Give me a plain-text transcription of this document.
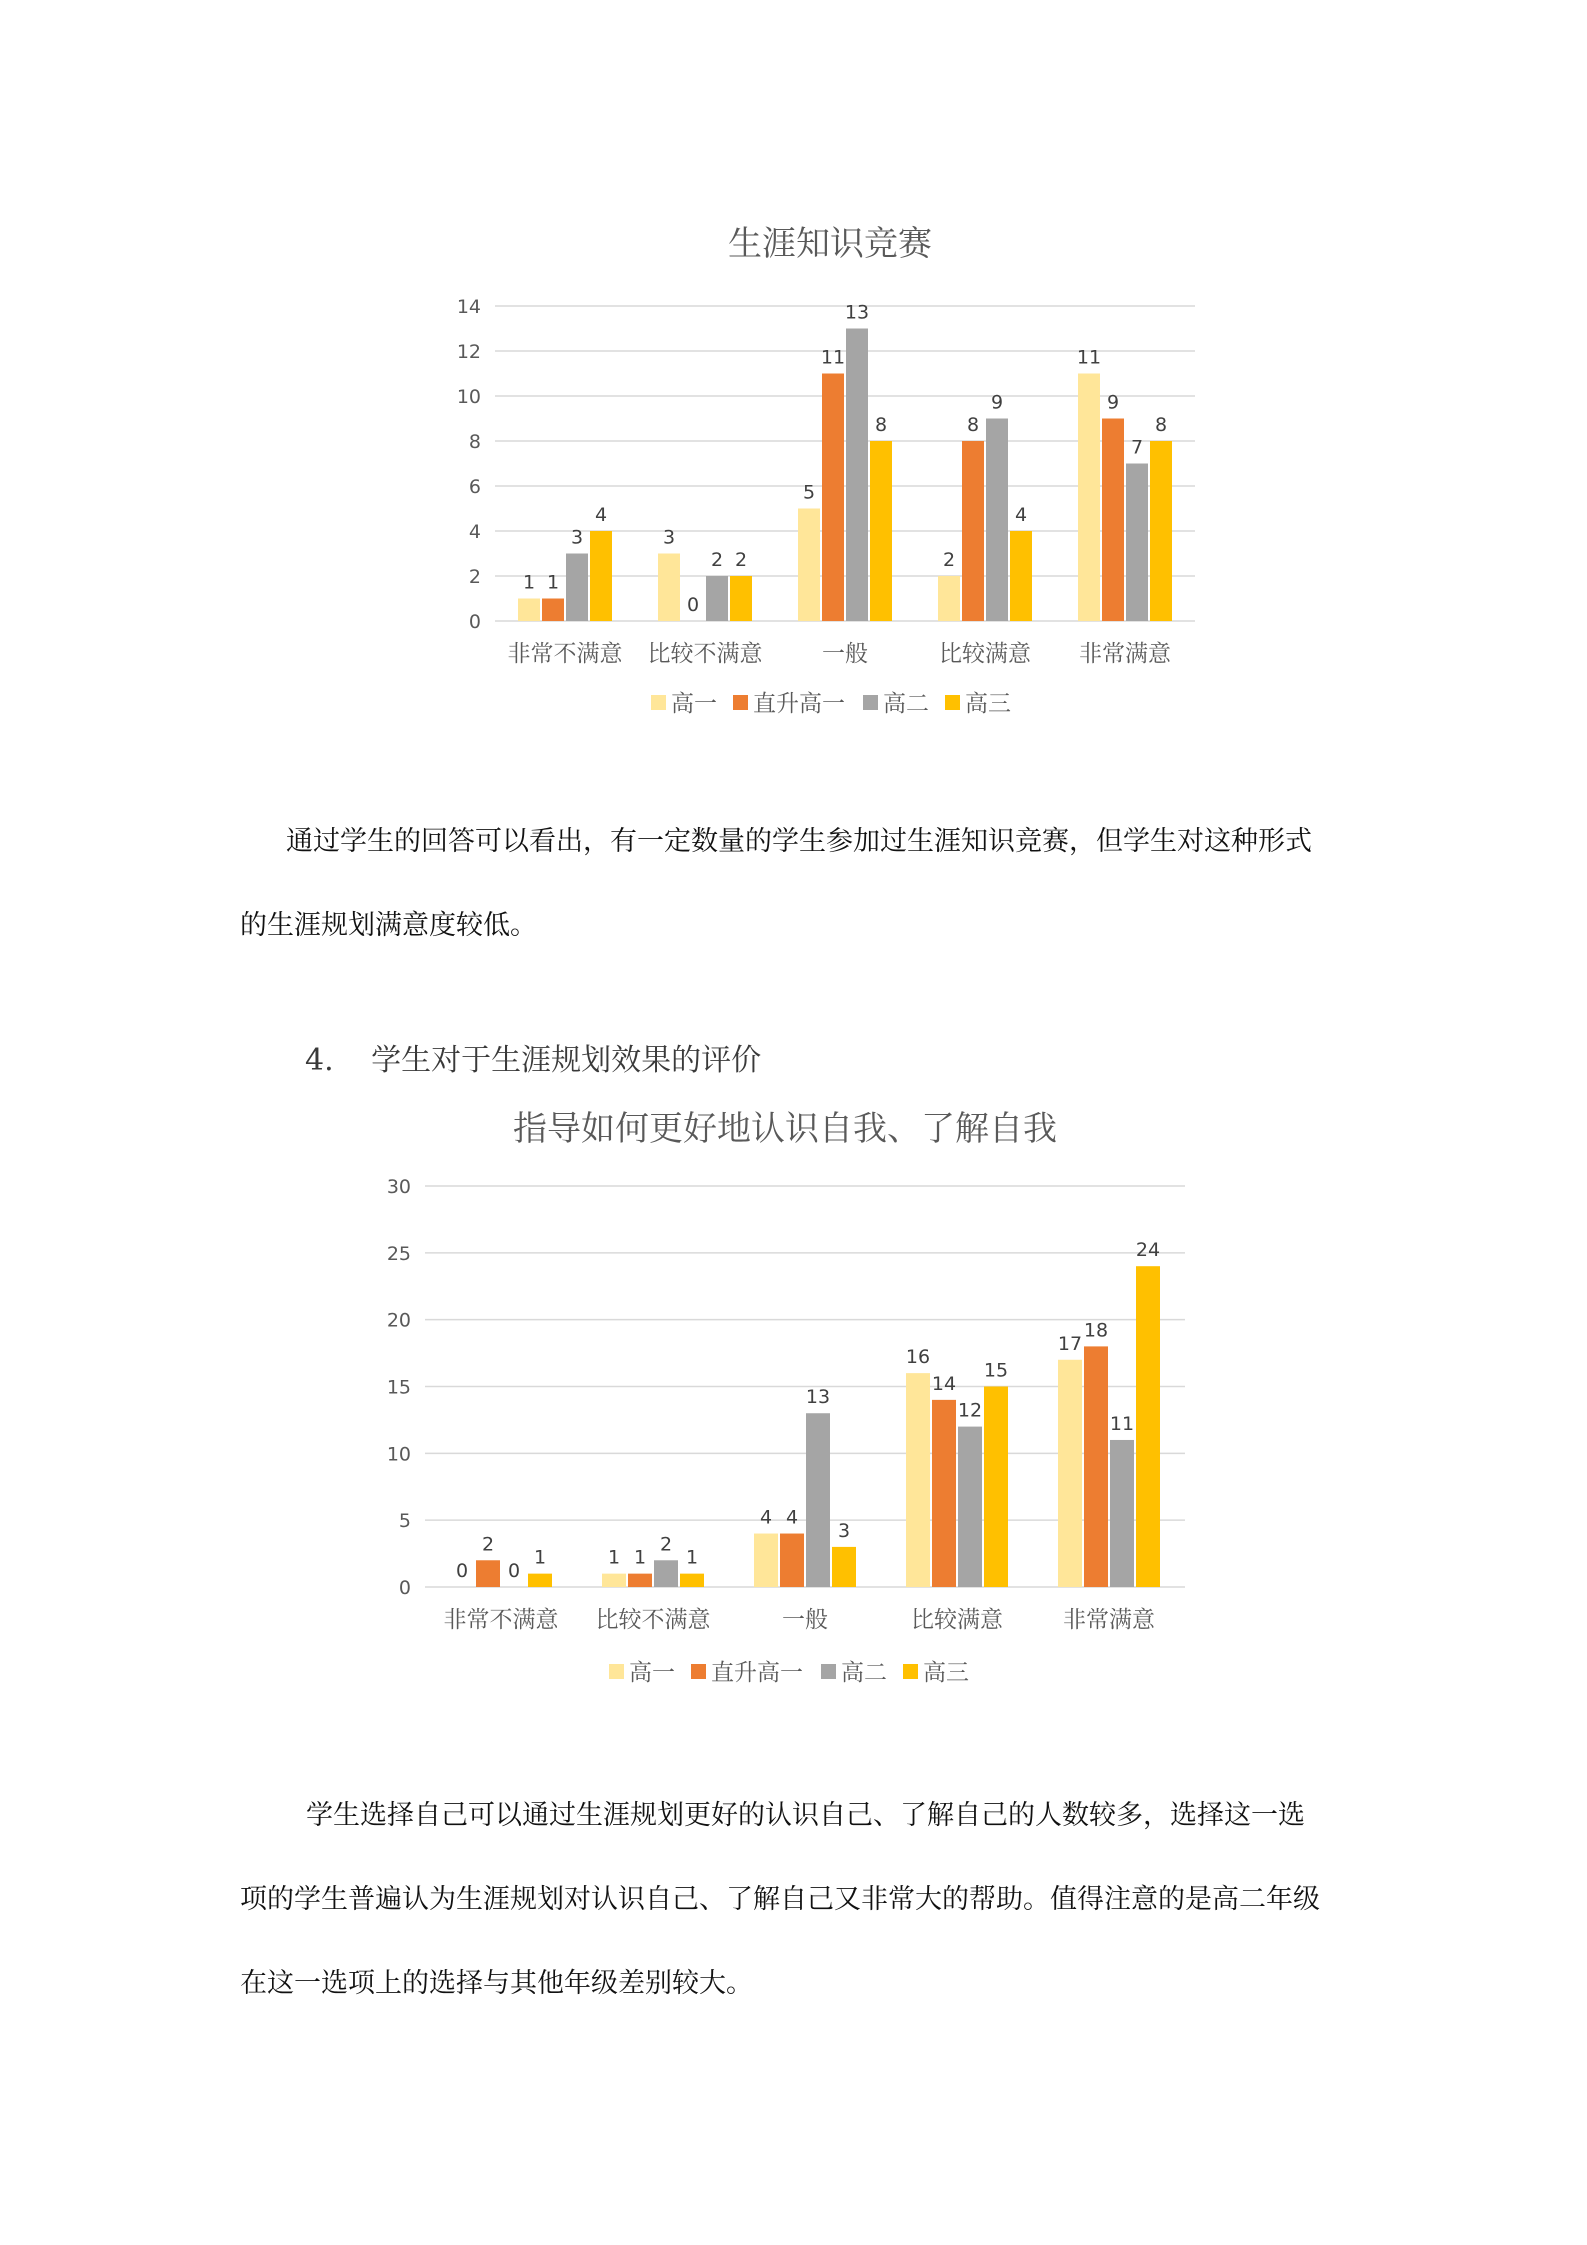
生涯知识竞赛
0
2
4
6
8
10
12
14
1 1
3
4
非常不满意
3
0
2 2
比较不满意
5
11
13
8
一般
2
8
9
4
比较满意
11
9
7
8
非常满意
高一 直升高一 高二 高三
通过学生的回答可以看出，有一定数量的学生参加过生涯知识竞赛，但学生对这种形式
的生涯规划满意度较低。
4. 学生对于生涯规划效果的评价
指导如何更好地认识自我、了解自我
0
5
10
15
20
25
30
0
2
0
1
非常不满意
1 1
2
1
比较不满意
4 4
13
3
一般
16
14
12
15
比较满意
17
18
11
24
非常满意
高一 直升高一 高二 高三
学生选择自己可以通过生涯规划更好的认识自己、了解自己的人数较多，选择这一选
项的学生普遍认为生涯规划对认识自己、了解自己又非常大的帮助。值得注意的是高二年级
在这一选项上的选择与其他年级差别较大。
